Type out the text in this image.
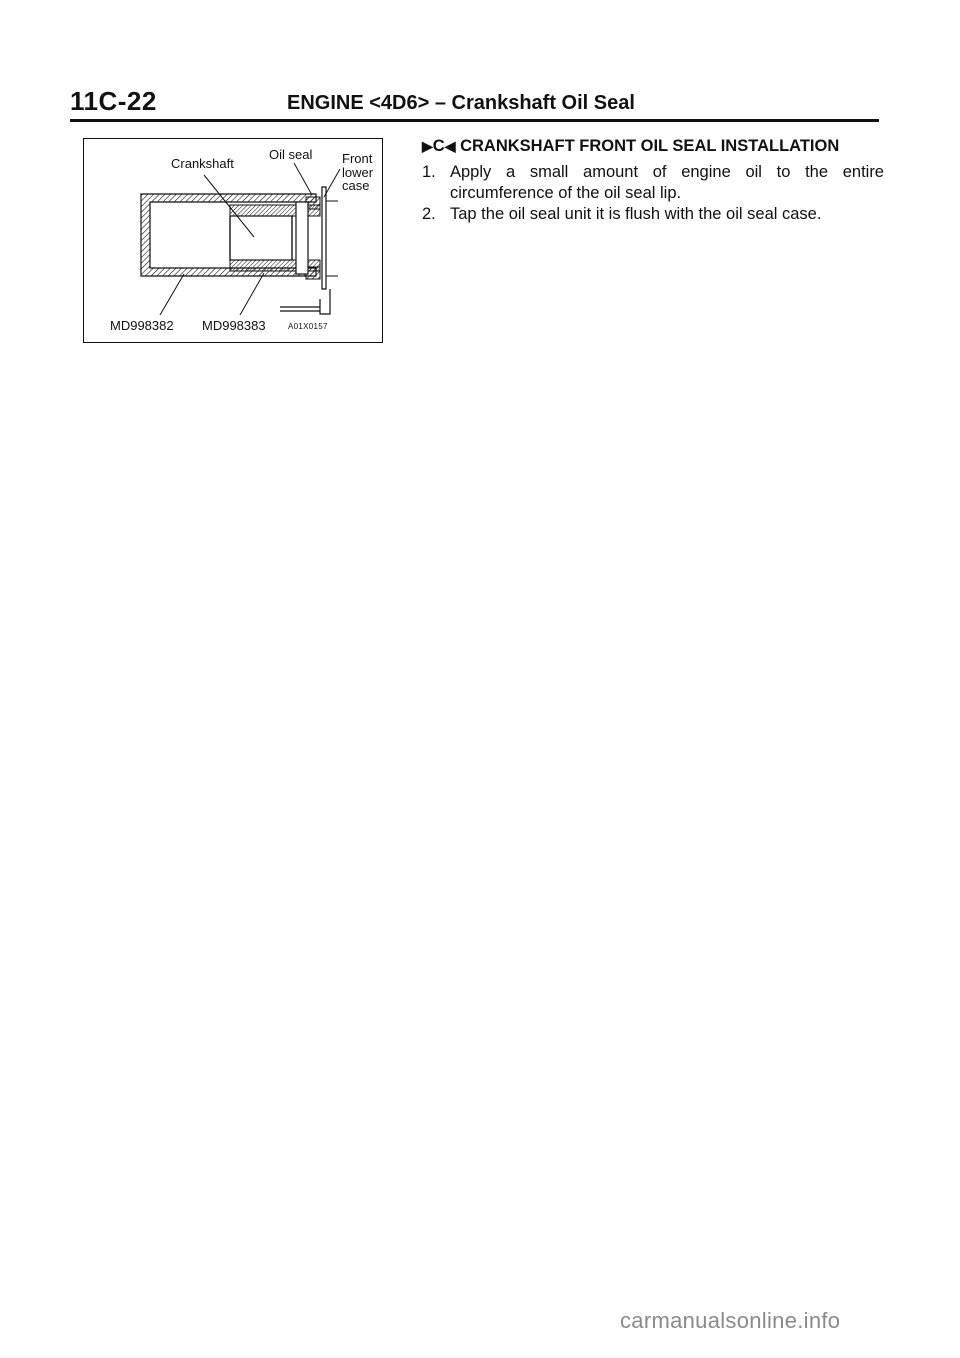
11C-22	ENGINE <4D6> – Crankshaft Oil Seal
Crankshaft
Oil seal Front
lower
case
MD998382 MD998383	A01X0157
▶C◀ CRANKSHAFT FRONT OIL SEAL INSTALLATION
1. Apply a small amount of engine oil to the entire circumference of the oil seal lip.
2. Tap the oil seal unit it is flush with the oil seal case.
carmanualsonline.info
